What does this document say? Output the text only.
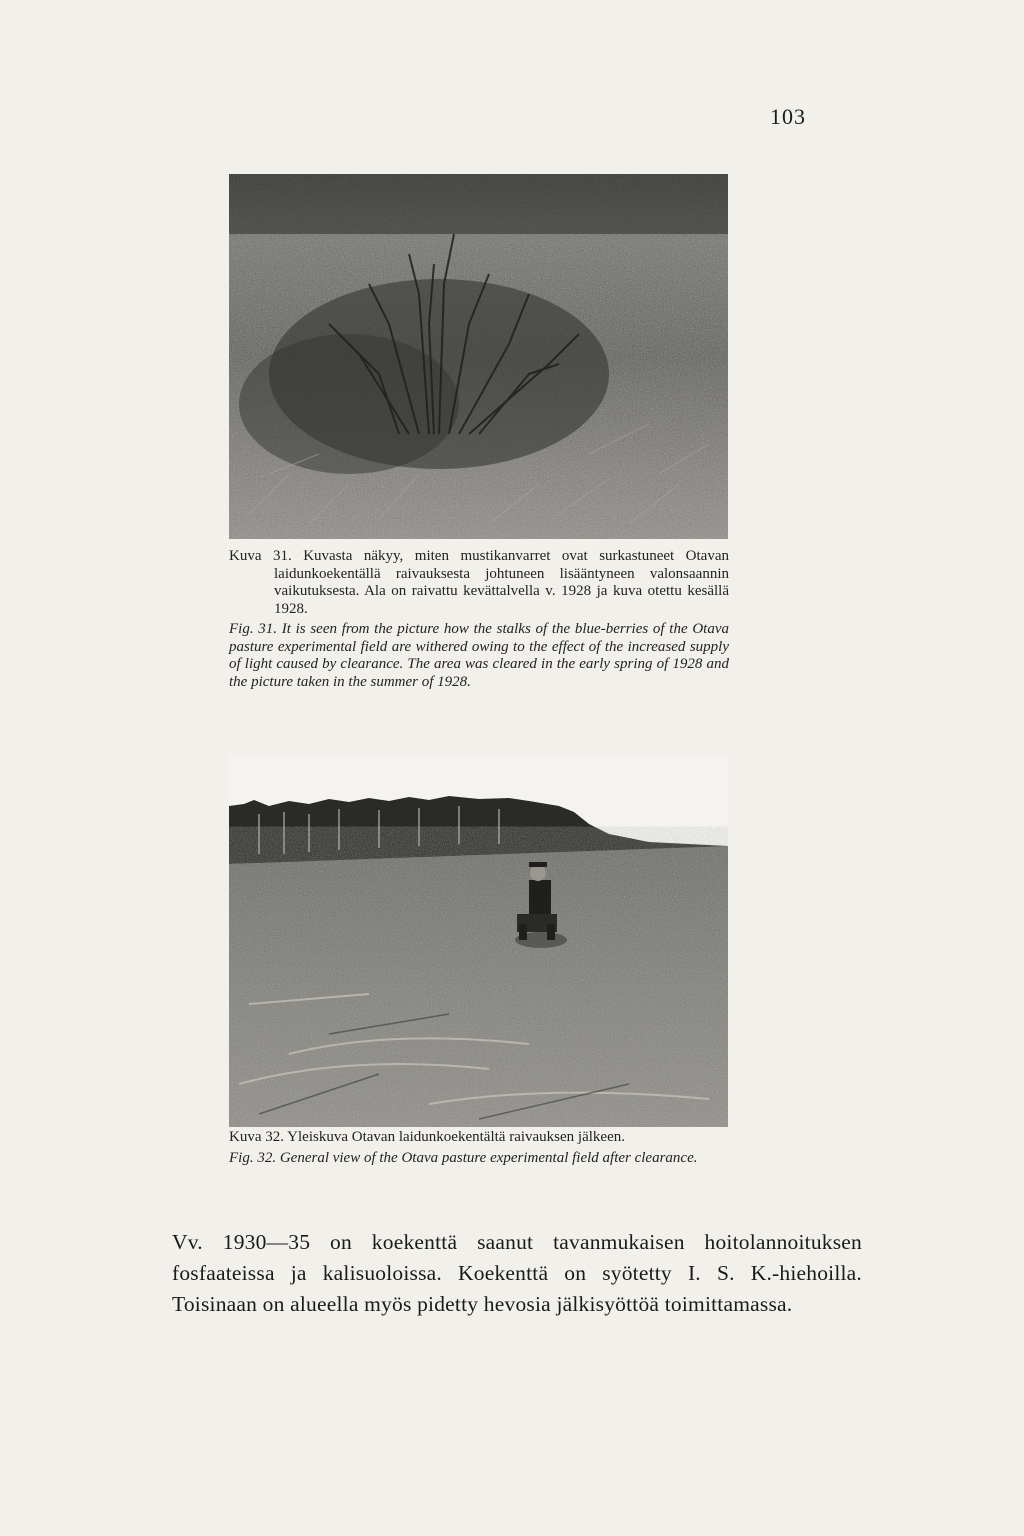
103

Kuva 31. Kuvasta näkyy, miten mustikanvarret ovat surkastuneet Otavan laidunkoekentällä raivauksesta johtuneen lisääntyneen valonsaannin vaikutuksesta. Ala on raivattu kevättalvella v. 1928 ja kuva otettu kesällä 1928.

Fig. 31. It is seen from the picture how the stalks of the blue-berries of the Otava pasture experimental field are withered owing to the effect of the increased supply of light caused by clearance. The area was cleared in the early spring of 1928 and the picture taken in the summer of 1928.

Kuva 32. Yleiskuva Otavan laidunkoekentältä raivauksen jälkeen.

Fig. 32. General view of the Otava pasture experimental field after clearance.

Vv. 1930—35 on koekenttä saanut tavanmukaisen hoitolannoituksen fosfaateissa ja kalisuoloissa. Koekenttä on syötetty I. S. K.-hiehoilla. Toisinaan on alueella myös pidetty hevosia jälkisyöttöä toimittamassa.
